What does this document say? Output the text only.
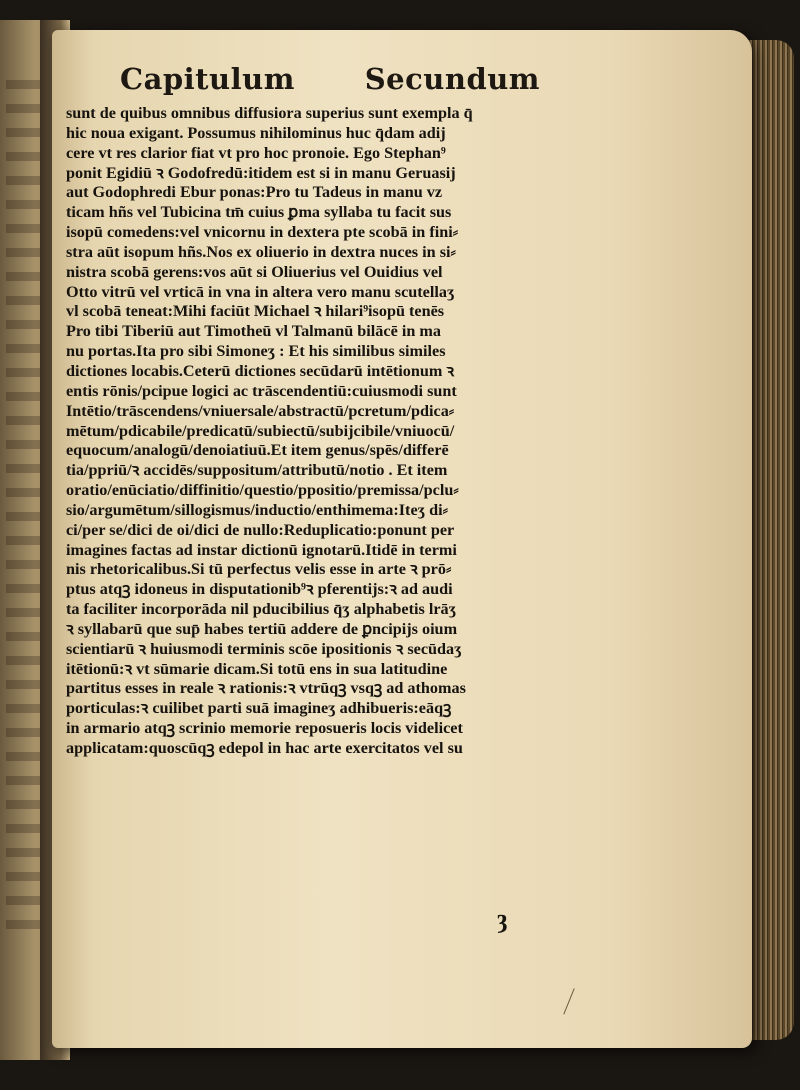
Capitulum Secundum
sunt de quibus omnibus diffusiora superius sunt exempla q̄
hic noua exigant. Possumus nihilominus huc q̄dam adij
cere vt res clarior fiat vt pro hoc pronoie. Ego Stephan⁹
ponit Egidiū ꝛ Godofredū:itidem est si in manu Geruasij
aut Godophredi Ebur ponas:Pro tu Tadeus in manu vz
ticam hñs vel Tubicina tm̄ cuius ꝑma syllaba tu facit sus
isopū comedens:vel vnicornu in dextera pte scobā in fini⸗
stra aūt isopum hñs.Nos ex oliuerio in dextra nuces in si⸗
nistra scobā gerens:vos aūt si Oliuerius vel Ouidius vel
Otto vitrū vel vrticā in vna in altera vero manu scutellaʒ
vl scobā teneat:Mihi faciūt Michael ꝛ hilari⁹isopū tenēs
Pro tibi Tiberiū aut Timotheū vl Talmanū bilācē in ma
nu portas.Ita pro sibi Simoneʒ : Et his similibus similes
dictiones locabis.Ceterū dictiones secūdarū intētionum ꝛ
entis rōnis/pcipue logici ac trāscendentiū:cuiusmodi sunt
Intētio/trāscendens/vniuersale/abstractū/pcretum/pdica⸗
mētum/pdicabile/predicatū/subiectū/subijcibile/vniuocū/
equocum/analogū/denoiatiuū.Et item genus/spēs/differē
tia/ppriū/ꝛ accidēs/suppositum/attributū/notio . Et item
oratio/enūciatio/diffinitio/questio/ppositio/premissa/pclu⸗
sio/argumētum/sillogismus/inductio/enthimema:Iteʒ di⸗
ci/per se/dici de oi/dici de nullo:Reduplicatio:ponunt per
imagines factas ad instar dictionū ignotarū.Itidē in termi
nis rhetoricalibus.Si tū perfectus velis esse in arte ꝛ prō⸗
ptus atqꝫ idoneus in disputationib⁹ꝛ pferentijs:ꝛ ad audi
ta faciliter incorporāda nil pducibilius q̄ʒ alphabetis lrāʒ
ꝛ syllabarū que sup̄ habes tertiū addere de ꝑncipijs oium
scientiarū ꝛ huiusmodi terminis scōe ipositionis ꝛ secūdaʒ
itētionū:ꝛ vt sūmarie dicam.Si totū ens in sua latitudine
partitus esses in reale ꝛ rationis:ꝛ vtrūqꝫ vsqꝫ ad athomas
porticulas:ꝛ cuilibet parti suā imagineʒ adhibueris:eāqꝫ
in armario atqꝫ scrinio memorie reposueris locis videlicet
applicatam:quoscūqꝫ edepol in hac arte exercitatos vel su
ȝ
